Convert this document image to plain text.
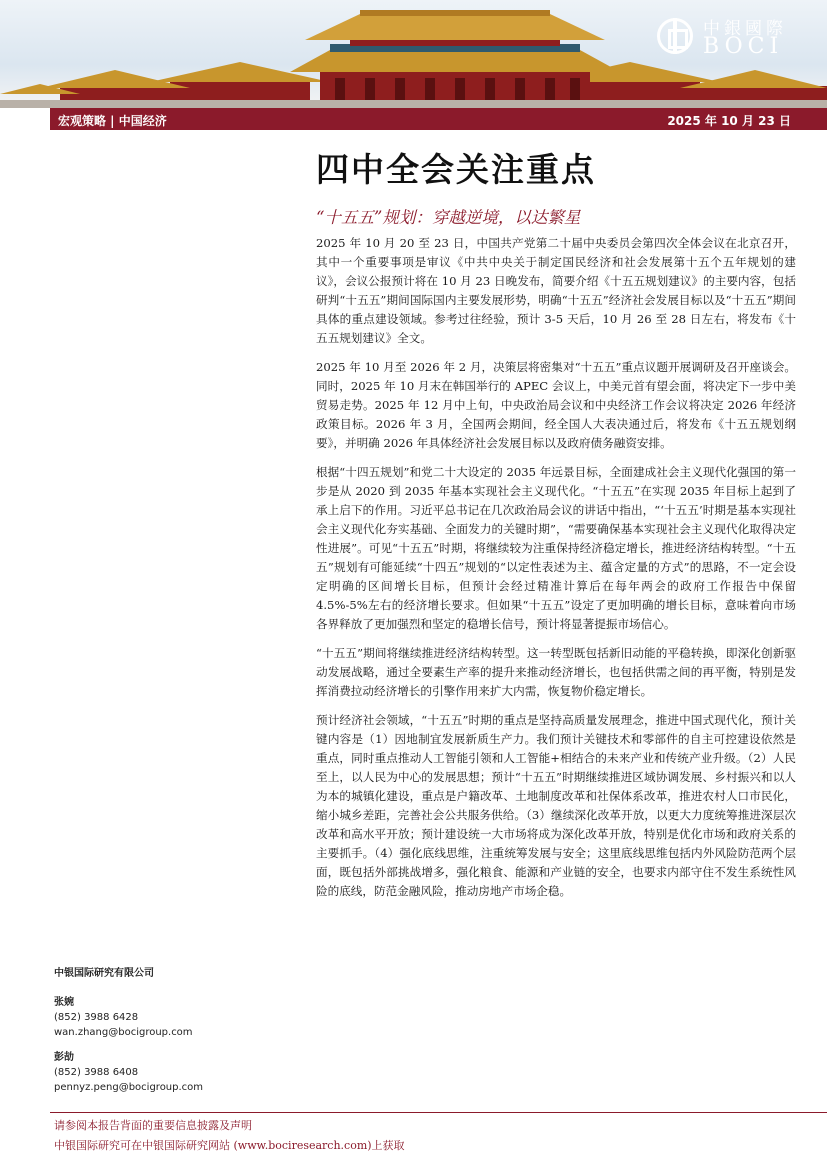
中銀國際
BOCI
宏观策略 | 中国经济	2025 年 10 月 23 日
四中全会关注重点
“十五五”规划：穿越逆境，以达繁星

2025 年 10 月 20 至 23 日，中国共产党第二十届中央委员会第四次全体会议在北京召开，其中一个重要事项是审议《中共中央关于制定国民经济和社会发展第十五个五年规划的建议》，会议公报预计将在 10 月 23 日晚发布，简要介绍《十五五规划建议》的主要内容，包括研判“十五五”期间国际国内主要发展形势，明确“十五五”经济社会发展目标以及“十五五”期间具体的重点建设领域。参考过往经验，预计 3-5 天后，10 月 26 至 28 日左右，将发布《十五五规划建议》全文。

2025 年 10 月至 2026 年 2 月，决策层将密集对“十五五”重点议题开展调研及召开座谈会。同时，2025 年 10 月末在韩国举行的 APEC 会议上，中美元首有望会面，将决定下一步中美贸易走势。2025 年 12 月中上旬，中央政治局会议和中央经济工作会议将决定 2026 年经济政策目标。2026 年 3 月，全国两会期间，经全国人大表决通过后，将发布《十五五规划纲要》，并明确 2026 年具体经济社会发展目标以及政府债务融资安排。

根据“十四五规划”和党二十大设定的 2035 年远景目标，全面建成社会主义现代化强国的第一步是从 2020 到 2035 年基本实现社会主义现代化。“十五五”在实现 2035 年目标上起到了承上启下的作用。习近平总书记在几次政治局会议的讲话中指出，“‘十五五’时期是基本实现社会主义现代化夯实基础、全面发力的关键时期”，“需要确保基本实现社会主义现代化取得决定性进展”。可见“十五五”时期，将继续较为注重保持经济稳定增长，推进经济结构转型。“十五五”规划有可能延续“十四五”规划的“以定性表述为主、蕴含定量的方式”的思路，不一定会设定明确的区间增长目标，但预计会经过精准计算后在每年两会的政府工作报告中保留 4.5%-5%左右的经济增长要求。但如果“十五五”设定了更加明确的增长目标，意味着向市场各界释放了更加强烈和坚定的稳增长信号，预计将显著提振市场信心。

“十五五”期间将继续推进经济结构转型。这一转型既包括新旧动能的平稳转换，即深化创新驱动发展战略，通过全要素生产率的提升来推动经济增长，也包括供需之间的再平衡，特别是发挥消费拉动经济增长的引擎作用来扩大内需，恢复物价稳定增长。

预计经济社会领域，“十五五”时期的重点是坚持高质量发展理念，推进中国式现代化，预计关键内容是（1）因地制宜发展新质生产力。我们预计关键技术和零部件的自主可控建设依然是重点，同时重点推动人工智能引领和人工智能+相结合的未来产业和传统产业升级。（2）人民至上，以人民为中心的发展思想；预计“十五五”时期继续推进区域协调发展、乡村振兴和以人为本的城镇化建设，重点是户籍改革、土地制度改革和社保体系改革，推进农村人口市民化，缩小城乡差距，完善社会公共服务供给。（3）继续深化改革开放，以更大力度统筹推进深层次改革和高水平开放；预计建设统一大市场将成为深化改革开放，特别是优化市场和政府关系的主要抓手。（4）强化底线思维，注重统筹发展与安全；这里底线思维包括内外风险防范两个层面，既包括外部挑战增多，强化粮食、能源和产业链的安全，也要求内部守住不发生系统性风险的底线，防范金融风险，推动房地产市场企稳。

中银国际研究有限公司
张婉
(852) 3988 6428
wan.zhang@bocigroup.com
彭劼
(852) 3988 6408
pennyz.peng@bocigroup.com
请参阅本报告背面的重要信息披露及声明
中银国际研究可在中银国际研究网站 (www.bociresearch.com)上获取
